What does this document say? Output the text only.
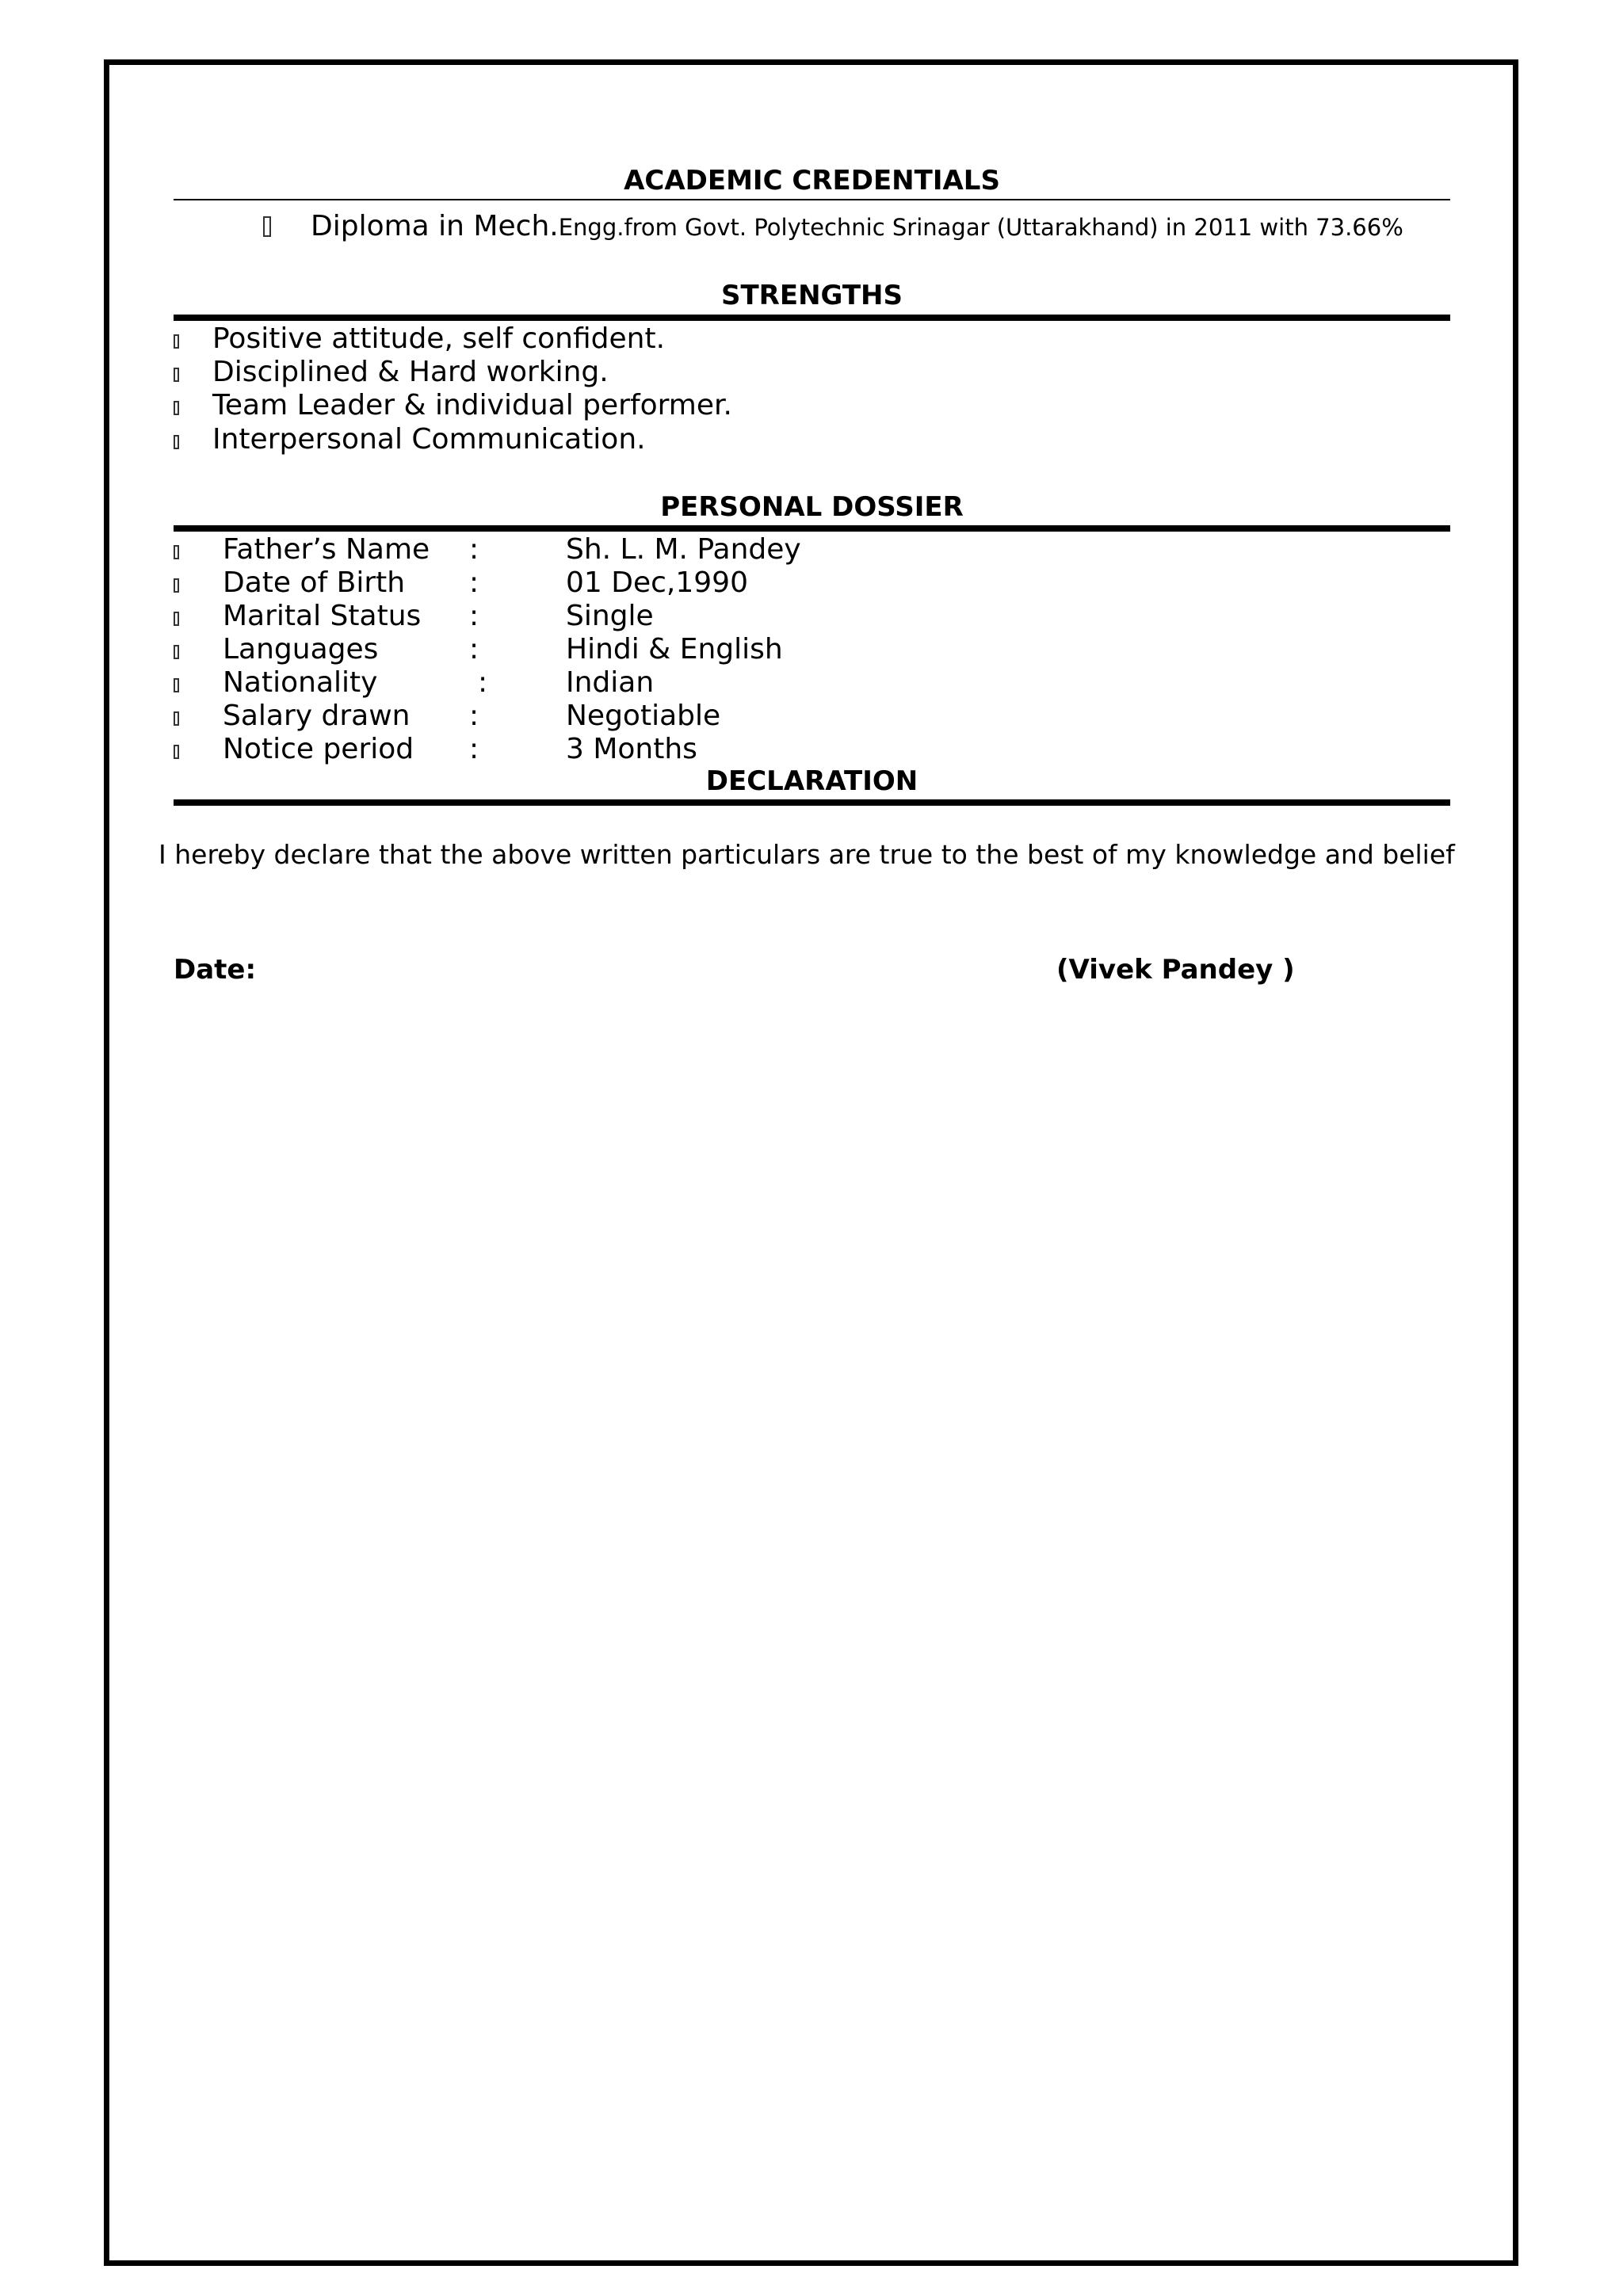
ACADEMIC CREDENTIALS
Diploma in Mech.Engg.from Govt. Polytechnic Srinagar (Uttarakhand) in 2011 with 73.66%
STRENGTHS
Positive attitude, self confident.
Disciplined & Hard working.
Team Leader & individual performer.
Interpersonal Communication.
PERSONAL DOSSIER
Father’s Name :	Sh. L. M. Pandey
Date of Birth :	01 Dec,1990
Marital Status :	Single
Languages	:	Hindi & English
Nationality	:	Indian
Salary drawn :	Negotiable
Notice period :	3 Months
DECLARATION
I hereby declare that the above written particulars are true to the best of my knowledge and belief
Date:	(Vivek Pandey )
